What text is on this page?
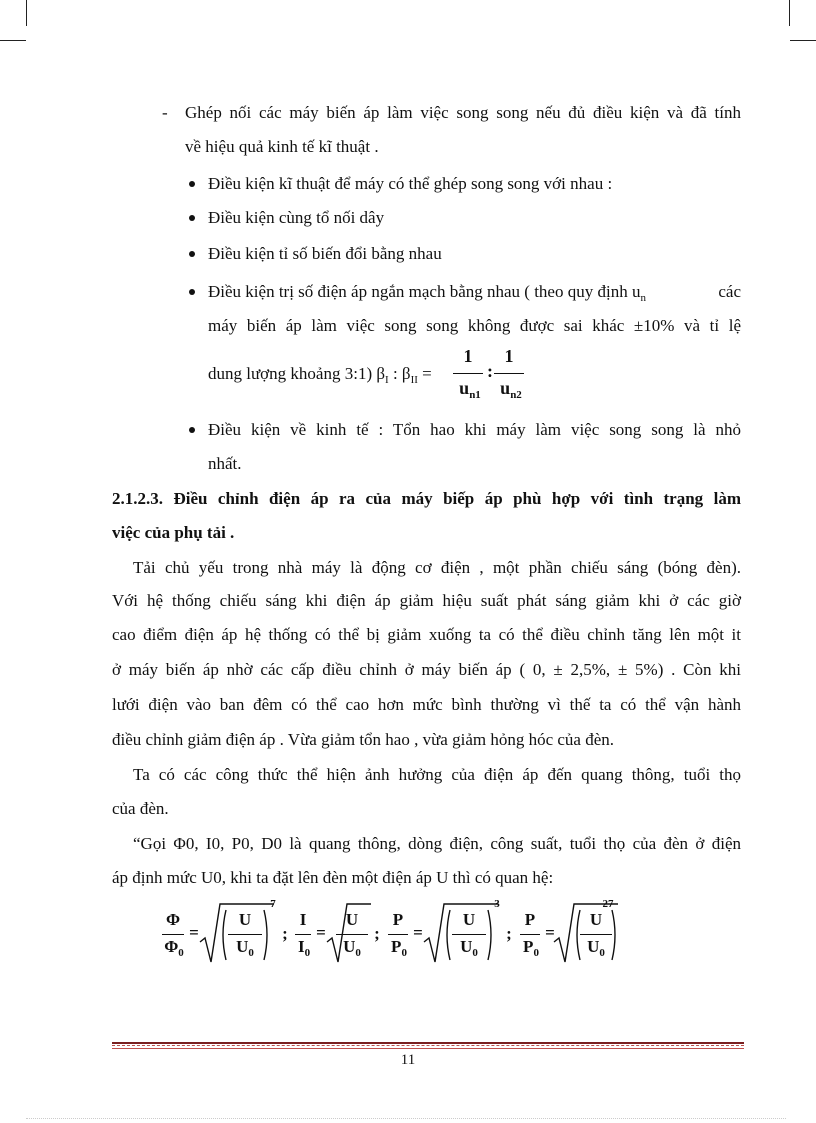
- Ghép nối các máy biến áp làm việc song song nếu đủ điều kiện và đã tính
về hiệu quả kinh tế kĩ thuật .
Điều kiện kĩ thuật để máy có thể ghép song song với nhau :
Điều kiện cùng tổ nối dây
Điều kiện tỉ số biến đổi bằng nhau
Điều kiện trị số điện áp ngắn mạch bằng nhau ( theo quy định $u_n$	các
máy biến áp làm việc song song không được sai khác ±10% và tỉ lệ
dung lượng khoảng 3:1) $\beta_I$ : $\beta_{II}$ =
1
$u_{n1}$
:
1
$u_{n2}$
Điều kiện về kinh tế : Tổn hao khi máy làm việc song song là nhỏ
nhất.
2.1.2.3. Điều chỉnh điện áp ra của máy biếp áp phù hợp với tình trạng làm
việc của phụ tải .
Tải chủ yếu trong nhà máy là động cơ điện , một phần chiếu sáng (bóng đèn).
Với hệ thống chiếu sáng khi điện áp giảm hiệu suất phát sáng giảm khi ở các giờ
cao điểm điện áp hệ thống có thể bị giảm xuống ta có thể điều chỉnh tăng lên một it
ở máy biến áp nhờ các cấp điều chỉnh ở máy biến áp ( 0, ± 2,5%, ± 5%) . Còn khi
lưới điện vào ban đêm có thể cao hơn mức bình thường vì thế ta có thể vận hành
điều chỉnh giảm điện áp . Vừa giảm tổn hao , vừa giảm hỏng hóc của đèn.
Ta có các công thức thể hiện ảnh hưởng của điện áp đến quang thông, tuổi thọ
của đèn.
“Gọi Φ0, I0, P0, D0 là quang thông, dòng điện, công suất, tuổi thọ của đèn ở điện
áp định mức U0, khi ta đặt lên đèn một điện áp U thì có quan hệ:
Φ
$\Phi_0$
=
U
$U_0$
7
;
I
$I_0$
=
U
$U_0$
;
P
$P_0$
=
U
$U_0$
3
;
P
$P_0$
=
U
$U_0$
27
11
